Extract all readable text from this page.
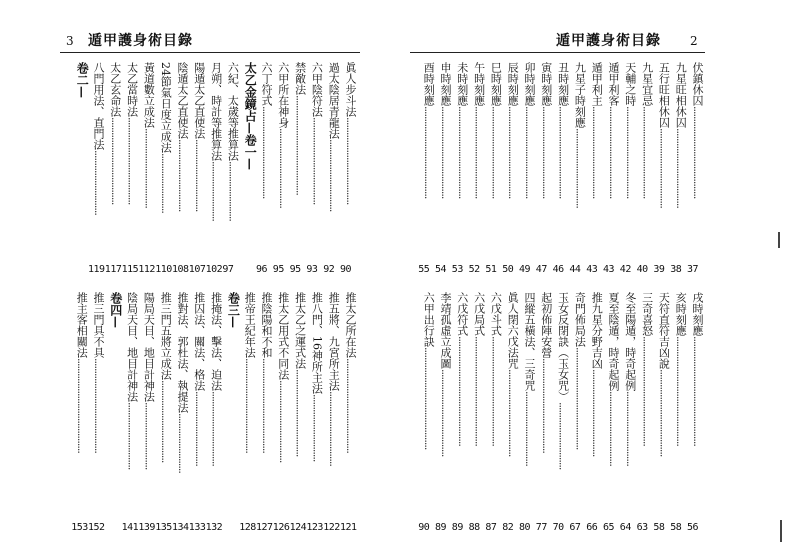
3 遁甲護身術目錄	遁甲護身術目錄 2
90
眞人步斗法...................................
92
過太陰居青龍法.............................
93
六甲陰符法...................................
95
禁敵法........................................
95
六甲所在神身................................
96
六丁符式.....................................
太乙金鏡占—卷一—
97
六紀、太歲等推算法........................
102
月朔、時計等推算法........................
107
陽遁太乙直使法.............................
108
陰遁太乙直使法.............................
110
24節氣日度立成法........................
112
黃道數立成法................................
115
太乙當時法...................................
117
太乙玄命法...................................
119
八門用法、直門法..........................
卷二—
121
推太乙所在法......................................
122
推五將、九宮所主法..............................
123
推八門、16神所主法...........................
124
推太乙之運式法...................................
126
推太乙用式不同法.................................
127
推陰陽和不和......................................
128
推帝王紀年法......................................
卷三—
132
推掩法、擊法、迫法..............................
133
推囚法、關法、格法..............................
134
推對法、郭杜法、執提法........................
135
推三門五將立成法.................................
139
陽局天目、地目計神法...........................
141
陰局天目、地目計神法...........................
卷四—
152
推三門具不具......................................
153
推主客相關法......................................
37
伏鎮休囚.....................................
38
九星旺相休囚................................
39
五行旺相休囚................................
40
九星宜忌.....................................
42
天輔之時.....................................
43
遁甲利客.....................................
43
遁甲利主.....................................
44
九星子時刻應................................
46
丑時刻應.....................................
47
寅時刻應.....................................
49
卯時刻應.....................................
50
辰時刻應.....................................
51
巳時刻應.....................................
52
午時刻應.....................................
53
未時刻應.....................................
54
申時刻應.....................................
55
酉時刻應.....................................
56
戌時刻應............................................
58
亥時刻應............................................
58
天符直符吉凶說...................................
63
三奇喜怒............................................
64
冬至陽遁，時奇起例..............................
65
夏至陰遁，時奇起例..............................
66
推九星分野吉凶...................................
67
奇門佈局法.........................................
70
玉女反閉訣（玉女咒）...........................
77
起初佈陣安營......................................
80
四縱五橫法、三奇咒..............................
82
眞人閉六戊法咒...................................
87
六戊斗式............................................
88
六戊局式............................................
89
六戊符式............................................
89
李靖孤虛立成圖...................................
90
六甲出行訣.........................................
